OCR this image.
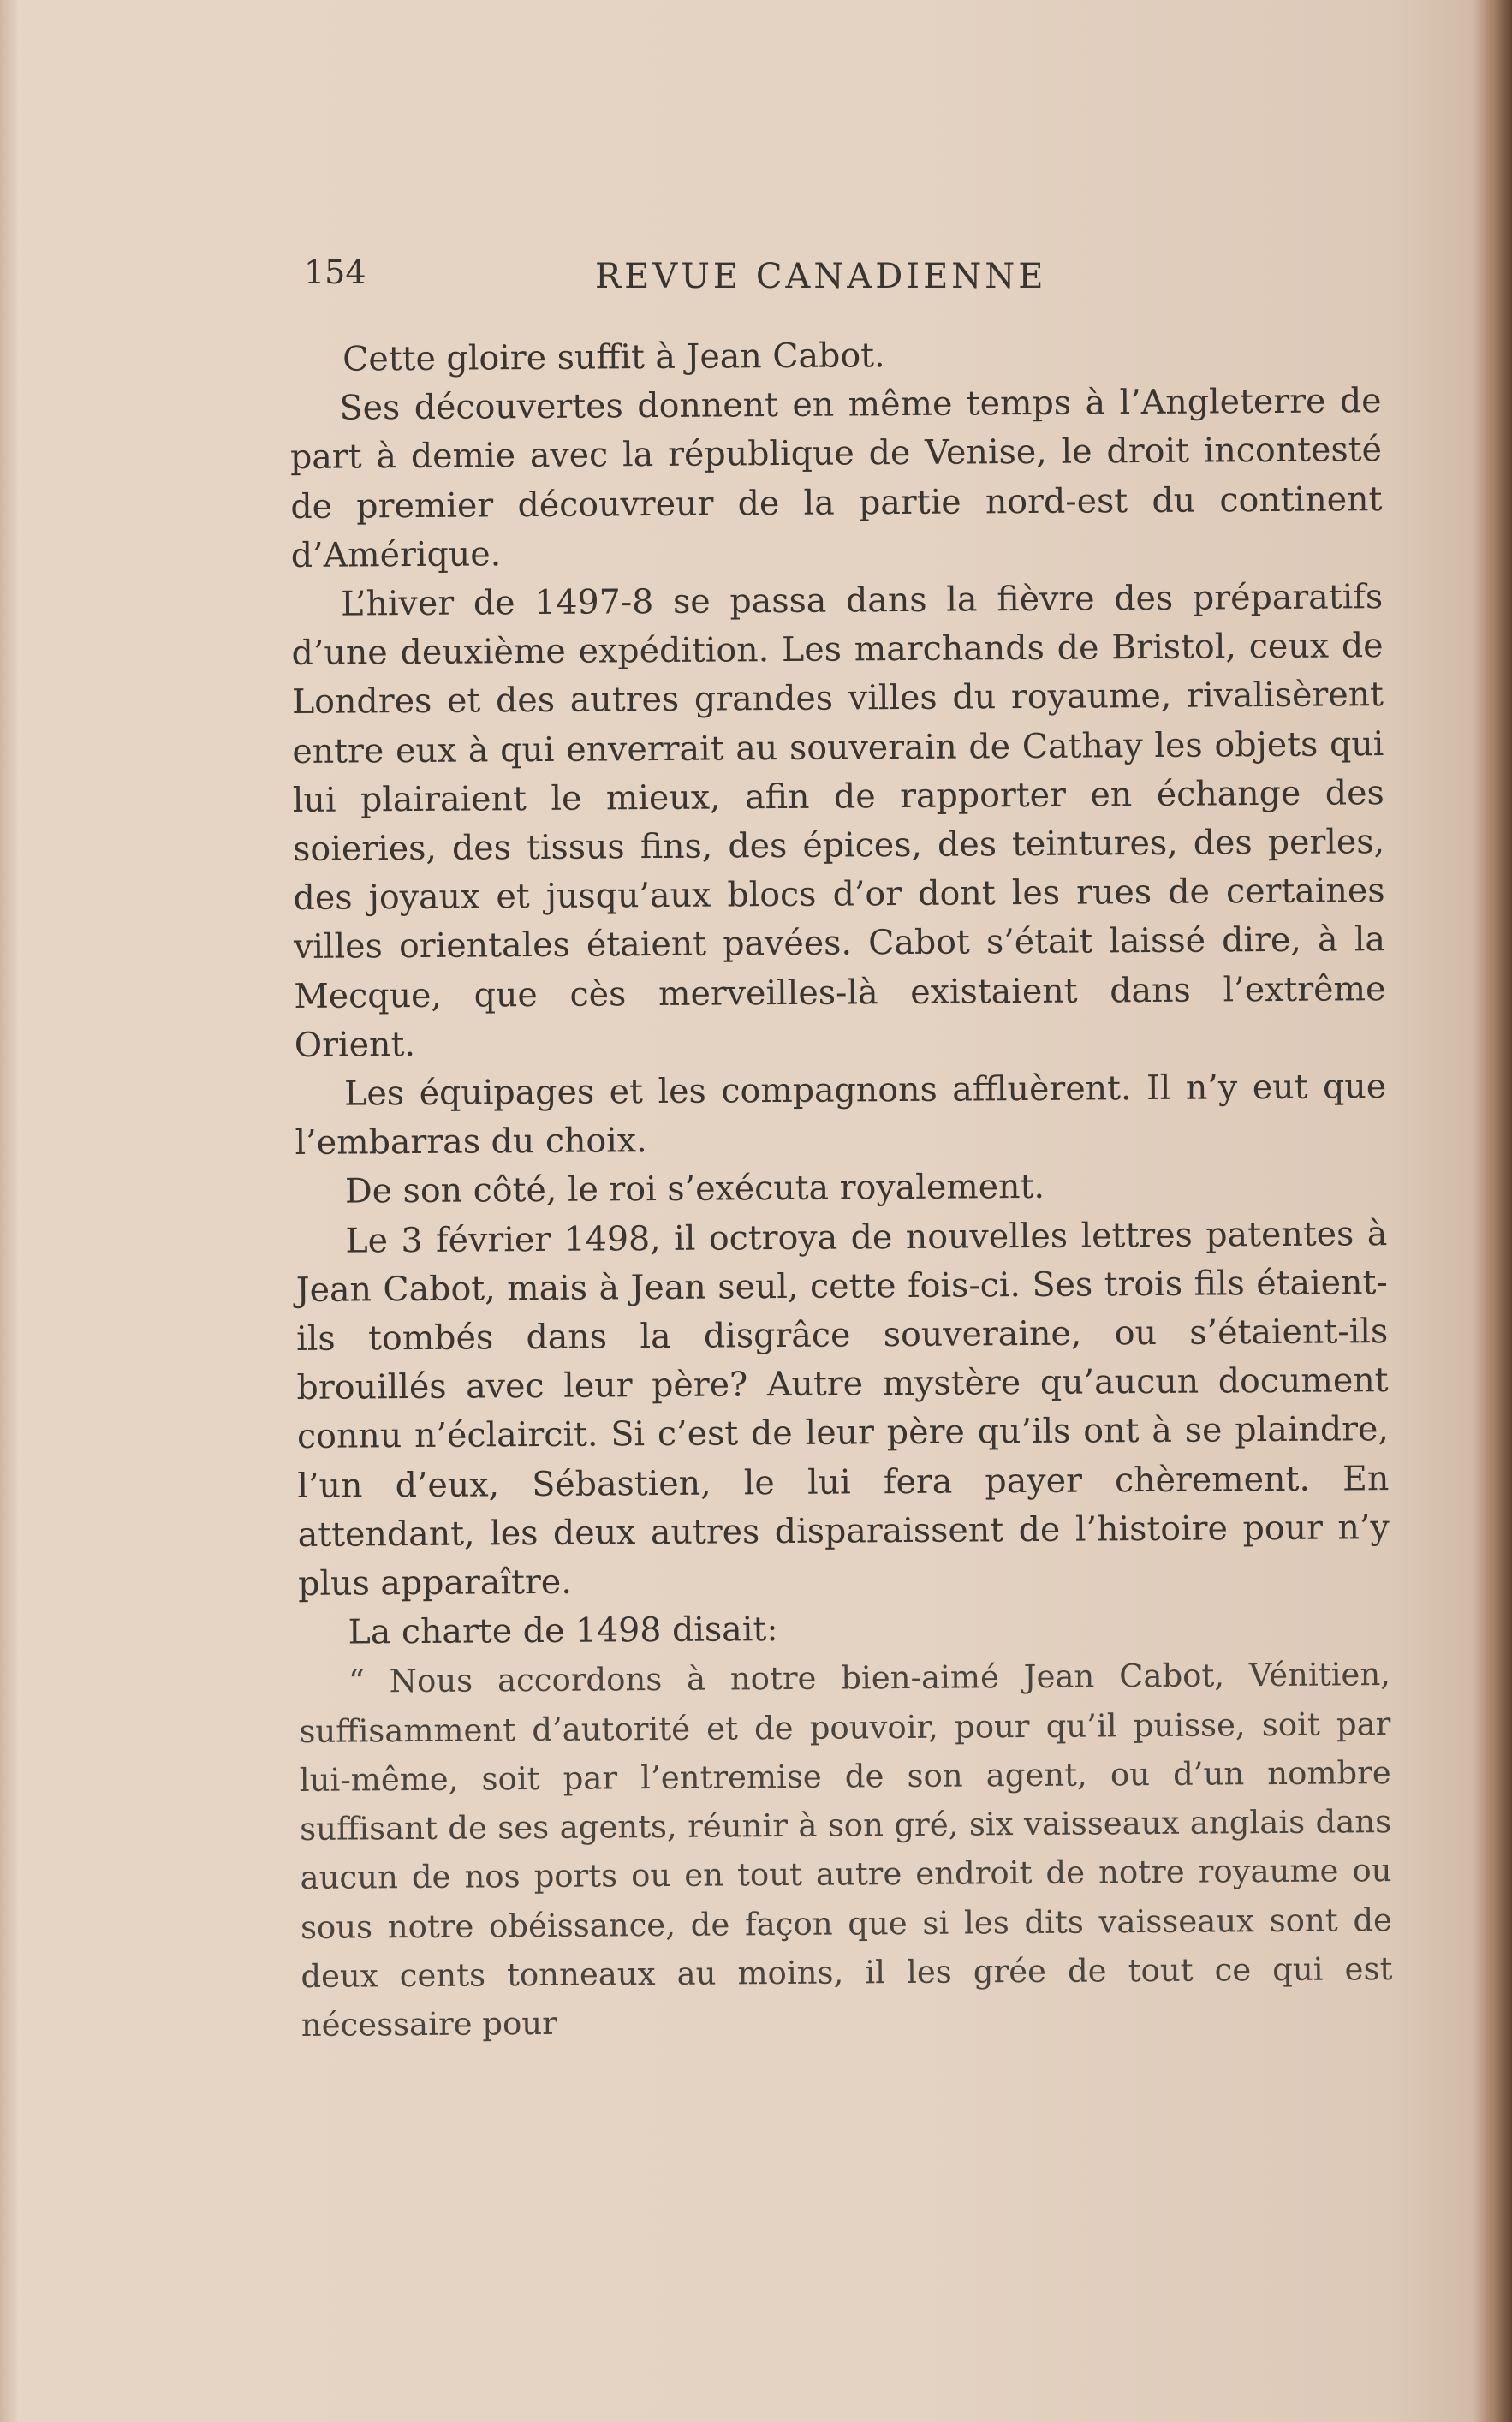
154	REVUE CANADIENNE

Cette gloire suffit à Jean Cabot.

Ses découvertes donnent en même temps à l’Angleterre de part à demie avec la république de Venise, le droit incontesté de premier découvreur de la partie nord-est du continent d’Amérique.

L’hiver de 1497-8 se passa dans la fièvre des préparatifs d’une deuxième expédition. Les marchands de Bristol, ceux de Londres et des autres grandes villes du royaume, rivalisèrent entre eux à qui enverrait au souverain de Cathay les objets qui lui plairaient le mieux, afin de rapporter en échange des soieries, des tissus fins, des épices, des teintures, des perles, des joyaux et jusqu’aux blocs d’or dont les rues de certaines villes orientales étaient pavées. Cabot s’était laissé dire, à la Mecque, que cès merveilles-là existaient dans l’extrême Orient.

Les équipages et les compagnons affluèrent. Il n’y eut que l’embarras du choix.

De son côté, le roi s’exécuta royalement.

Le 3 février 1498, il octroya de nouvelles lettres patentes à Jean Cabot, mais à Jean seul, cette fois-ci. Ses trois fils étaient-ils tombés dans la disgrâce souveraine, ou s’étaient-ils brouillés avec leur père? Autre mystère qu’aucun document connu n’éclaircit. Si c’est de leur père qu’ils ont à se plaindre, l’un d’eux, Sébastien, le lui fera payer chèrement. En attendant, les deux autres disparaissent de l’histoire pour n’y plus apparaître.

La charte de 1498 disait:

“ Nous accordons à notre bien-aimé Jean Cabot, Vénitien, suffisamment d’autorité et de pouvoir, pour qu’il puisse, soit par lui-même, soit par l’entremise de son agent, ou d’un nombre suffisant de ses agents, réunir à son gré, six vaisseaux anglais dans aucun de nos ports ou en tout autre endroit de notre royaume ou sous notre obéissance, de façon que si les dits vaisseaux sont de deux cents tonneaux au moins, il les grée de tout ce qui est nécessaire pour
